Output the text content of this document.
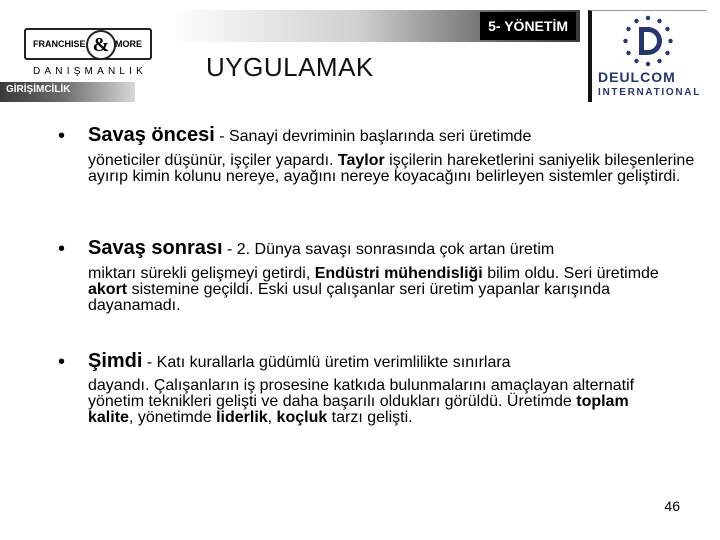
5- YÖNETİM
UYGULAMAK
GİRİŞİMCİLİK
FRANCHISE & MORE
DANIŞMANLIK	DEULCOM
INTERNATIONAL
• Savaş öncesi - Sanayi devriminin başlarında seri üretimde
yöneticiler düşünür, işçiler yapardı. Taylor işçilerin hareketlerini saniyelik bileşenlerine ayırıp kimin kolunu nereye, ayağını nereye koyacağını belirleyen sistemler geliştirdi.
• Savaş sonrası - 2. Dünya savaşı sonrasında çok artan üretim
miktarı sürekli gelişmeyi getirdi, Endüstri mühendisliği bilim oldu. Seri üretimde akort sistemine geçildi. Eski usul çalışanlar seri üretim yapanlar karışında dayanamadı.
• Şimdi - Katı kurallarla güdümlü üretim verimlilikte sınırlara
dayandı. Çalışanların iş prosesine katkıda bulunmalarını amaçlayan alternatif yönetim teknikleri gelişti ve daha başarılı oldukları görüldü. Üretimde toplam kalite, yönetimde liderlik, koçluk tarzı gelişti.
46
